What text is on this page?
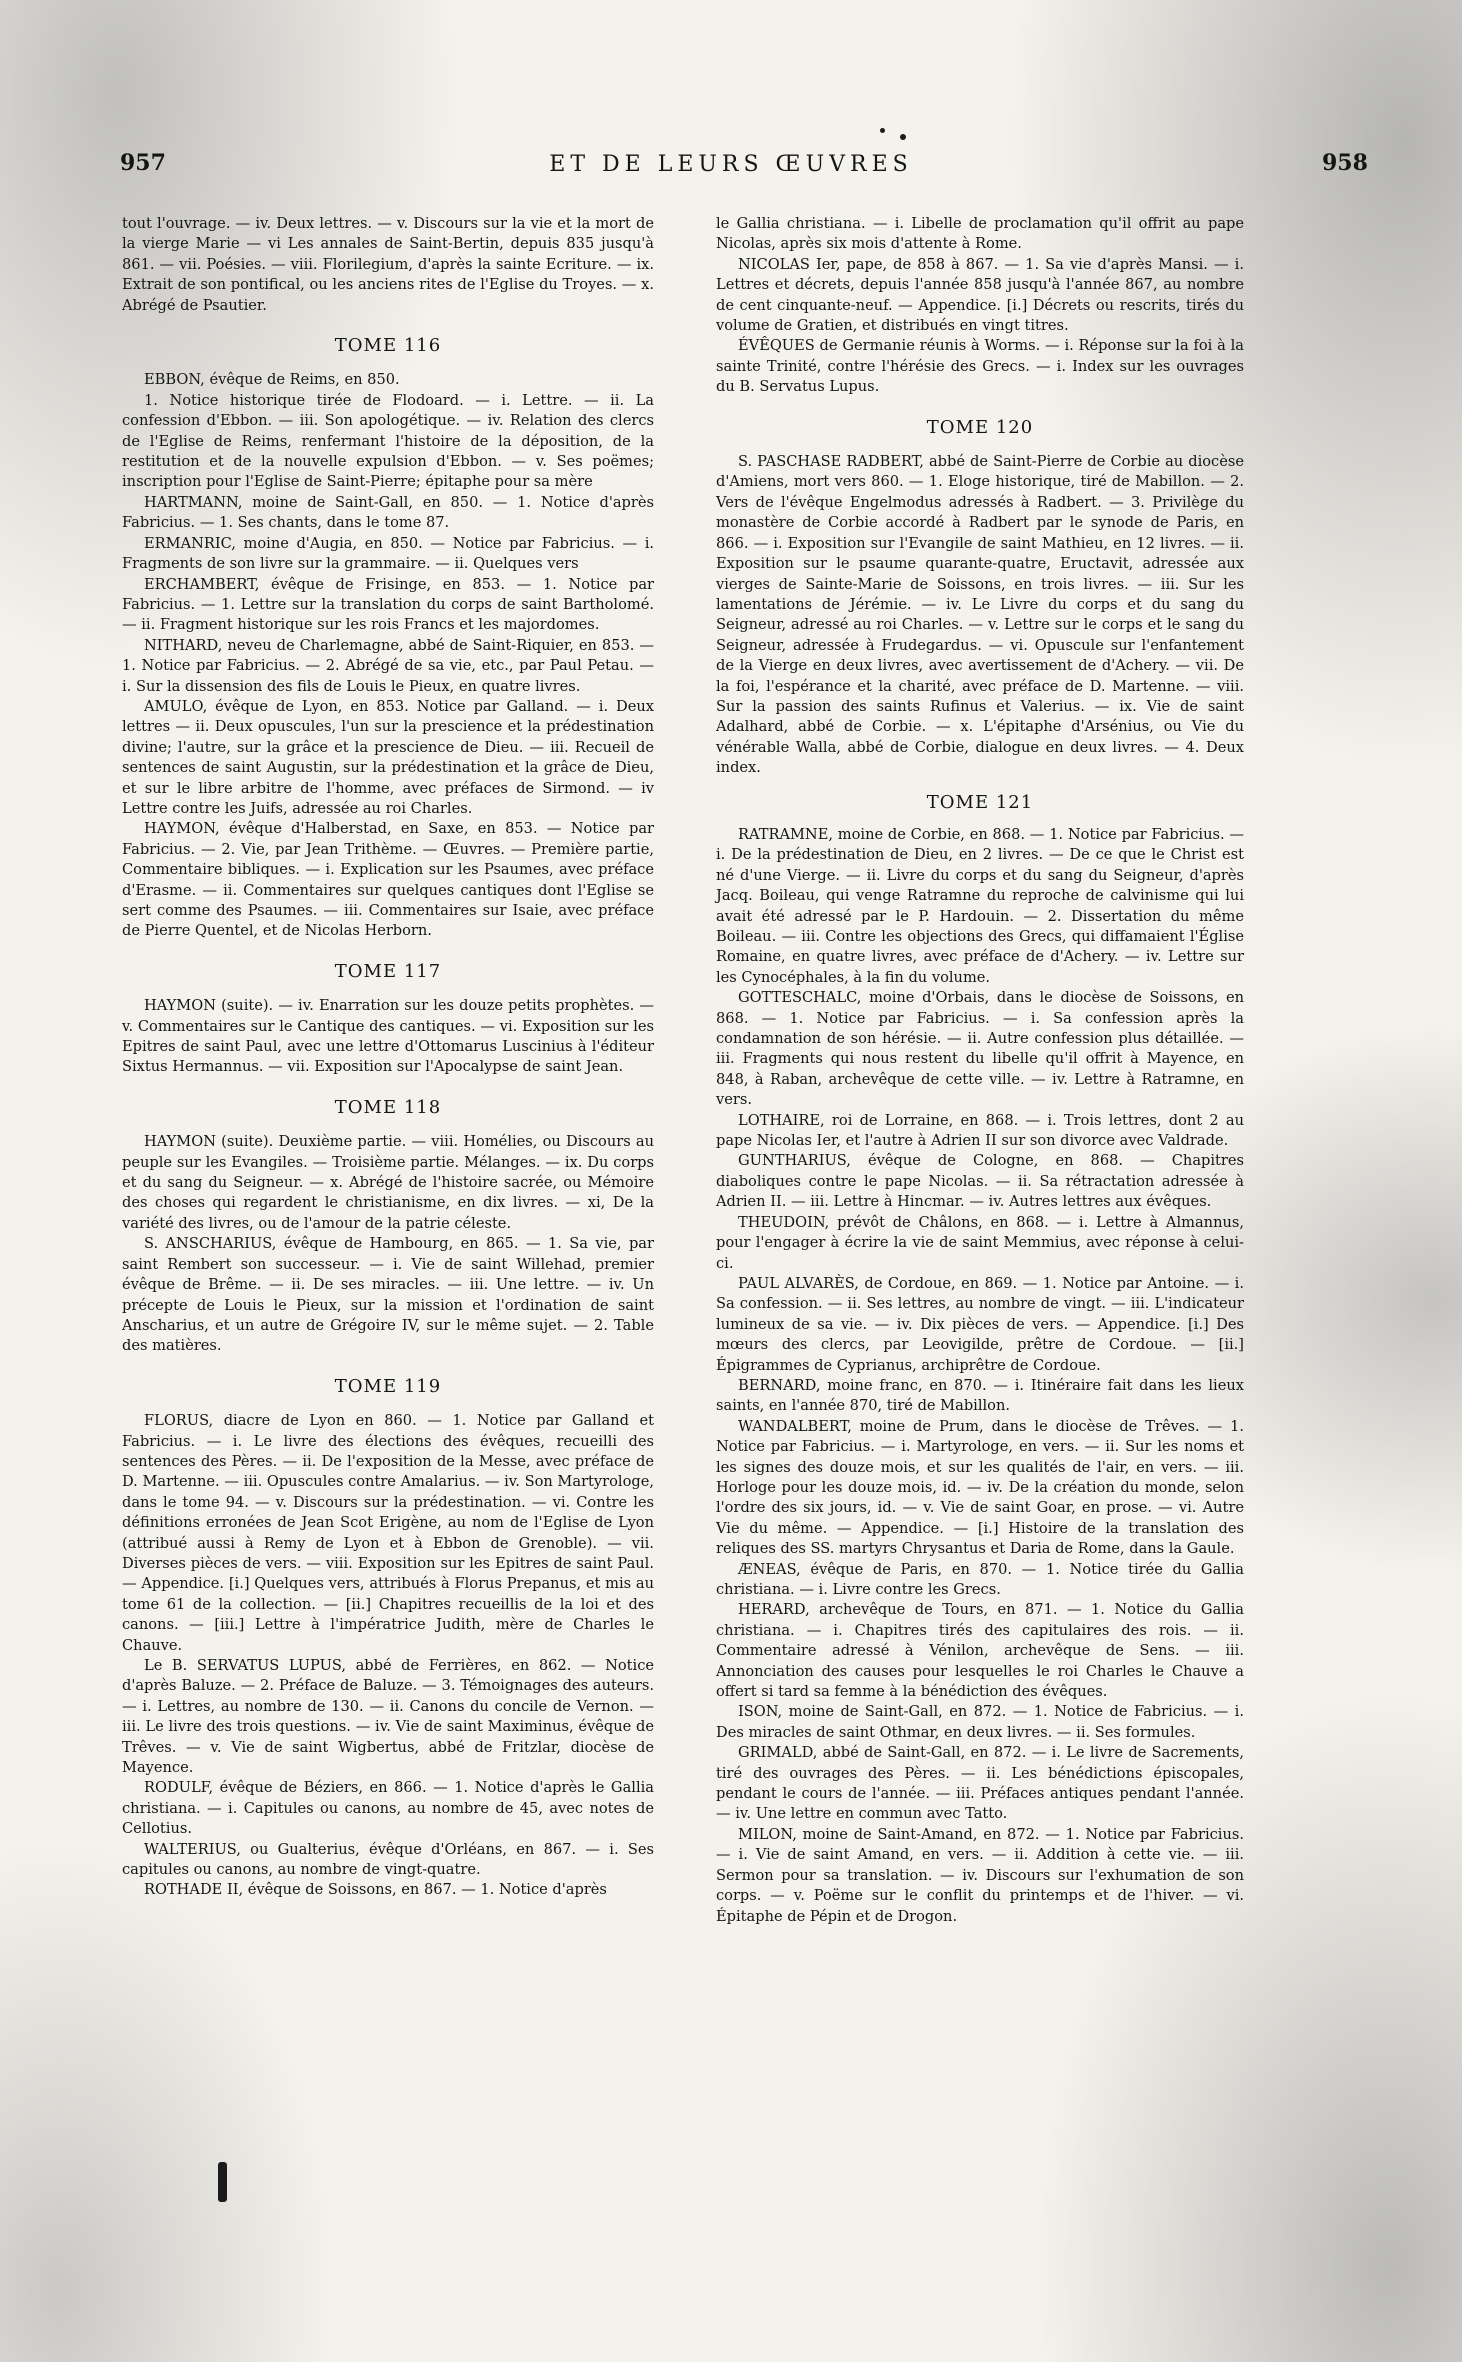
957	ET DE LEURS ŒUVRES	958

tout l'ouvrage. — iv. Deux lettres. — v. Discours sur la vie et la mort de la vierge Marie — vi Les annales de Saint-Bertin, depuis 835 jusqu'à 861. — vii. Poésies. — viii. Florilegium, d'après la sainte Ecriture. — ix. Extrait de son pontifical, ou les anciens rites de l'Eglise du Troyes. — x. Abrégé de Psautier.

TOME 116

EBBON, évêque de Reims, en 850.

1. Notice historique tirée de Flodoard. — i. Lettre. — ii. La confession d'Ebbon. — iii. Son apologétique. — iv. Relation des clercs de l'Eglise de Reims, renfermant l'histoire de la déposition, de la restitution et de la nouvelle expulsion d'Ebbon. — v. Ses poëmes; inscription pour l'Eglise de Saint-Pierre; épitaphe pour sa mère

HARTMANN, moine de Saint-Gall, en 850. — 1. Notice d'après Fabricius. — 1. Ses chants, dans le tome 87.

ERMANRIC, moine d'Augia, en 850. — Notice par Fabricius. — i. Fragments de son livre sur la grammaire. — ii. Quelques vers

ERCHAMBERT, évêque de Frisinge, en 853. — 1. Notice par Fabricius. — 1. Lettre sur la translation du corps de saint Bartholomé. — ii. Fragment historique sur les rois Francs et les majordomes.

NITHARD, neveu de Charlemagne, abbé de Saint-Riquier, en 853. — 1. Notice par Fabricius. — 2. Abrégé de sa vie, etc., par Paul Petau. — i. Sur la dissension des fils de Louis le Pieux, en quatre livres.

AMULO, évêque de Lyon, en 853. Notice par Galland. — i. Deux lettres — ii. Deux opuscules, l'un sur la prescience et la prédestination divine; l'autre, sur la grâce et la prescience de Dieu. — iii. Recueil de sentences de saint Augustin, sur la prédestination et la grâce de Dieu, et sur le libre arbitre de l'homme, avec préfaces de Sirmond. — iv Lettre contre les Juifs, adressée au roi Charles.

HAYMON, évêque d'Halberstad, en Saxe, en 853. — Notice par Fabricius. — 2. Vie, par Jean Trithème. — Œuvres. — Première partie, Commentaire bibliques. — i. Explication sur les Psaumes, avec préface d'Erasme. — ii. Commentaires sur quelques cantiques dont l'Eglise se sert comme des Psaumes. — iii. Commentaires sur Isaie, avec préface de Pierre Quentel, et de Nicolas Herborn.

TOME 117

HAYMON (suite). — iv. Enarration sur les douze petits prophètes. — v. Commentaires sur le Cantique des cantiques. — vi. Exposition sur les Epitres de saint Paul, avec une lettre d'Ottomarus Luscinius à l'éditeur Sixtus Hermannus. — vii. Exposition sur l'Apocalypse de saint Jean.

TOME 118

HAYMON (suite). Deuxième partie. — viii. Homélies, ou Discours au peuple sur les Evangiles. — Troisième partie. Mélanges. — ix. Du corps et du sang du Seigneur. — x. Abrégé de l'histoire sacrée, ou Mémoire des choses qui regardent le christianisme, en dix livres. — xi, De la variété des livres, ou de l'amour de la patrie céleste.

S. ANSCHARIUS, évêque de Hambourg, en 865. — 1. Sa vie, par saint Rembert son successeur. — i. Vie de saint Willehad, premier évêque de Brême. — ii. De ses miracles. — iii. Une lettre. — iv. Un précepte de Louis le Pieux, sur la mission et l'ordination de saint Anscharius, et un autre de Grégoire IV, sur le même sujet. — 2. Table des matières.

TOME 119

FLORUS, diacre de Lyon en 860. — 1. Notice par Galland et Fabricius. — i. Le livre des élections des évêques, recueilli des sentences des Pères. — ii. De l'exposition de la Messe, avec préface de D. Martenne. — iii. Opuscules contre Amalarius. — iv. Son Martyrologe, dans le tome 94. — v. Discours sur la prédestination. — vi. Contre les définitions erronées de Jean Scot Erigène, au nom de l'Eglise de Lyon (attribué aussi à Remy de Lyon et à Ebbon de Grenoble). — vii. Diverses pièces de vers. — viii. Exposition sur les Epitres de saint Paul. — Appendice. [i.] Quelques vers, attribués à Florus Prepanus, et mis au tome 61 de la collection. — [ii.] Chapitres recueillis de la loi et des canons. — [iii.] Lettre à l'impératrice Judith, mère de Charles le Chauve.

Le B. SERVATUS LUPUS, abbé de Ferrières, en 862. — Notice d'après Baluze. — 2. Préface de Baluze. — 3. Témoignages des auteurs. — i. Lettres, au nombre de 130. — ii. Canons du concile de Vernon. — iii. Le livre des trois questions. — iv. Vie de saint Maximinus, évêque de Trêves. — v. Vie de saint Wigbertus, abbé de Fritzlar, diocèse de Mayence.

RODULF, évêque de Béziers, en 866. — 1. Notice d'après le Gallia christiana. — i. Capitules ou canons, au nombre de 45, avec notes de Cellotius.

WALTERIUS, ou Gualterius, évêque d'Orléans, en 867. — i. Ses capitules ou canons, au nombre de vingt-quatre.

ROTHADE II, évêque de Soissons, en 867. — 1. Notice d'après

le Gallia christiana. — i. Libelle de proclamation qu'il offrit au pape Nicolas, après six mois d'attente à Rome.

NICOLAS Ier, pape, de 858 à 867. — 1. Sa vie d'après Mansi. — i. Lettres et décrets, depuis l'année 858 jusqu'à l'année 867, au nombre de cent cinquante-neuf. — Appendice. [i.] Décrets ou rescrits, tirés du volume de Gratien, et distribués en vingt titres.

ÉVÊQUES de Germanie réunis à Worms. — i. Réponse sur la foi à la sainte Trinité, contre l'hérésie des Grecs. — i. Index sur les ouvrages du B. Servatus Lupus.

TOME 120

S. PASCHASE RADBERT, abbé de Saint-Pierre de Corbie au diocèse d'Amiens, mort vers 860. — 1. Eloge historique, tiré de Mabillon. — 2. Vers de l'évêque Engelmodus adressés à Radbert. — 3. Privilège du monastère de Corbie accordé à Radbert par le synode de Paris, en 866. — i. Exposition sur l'Evangile de saint Mathieu, en 12 livres. — ii. Exposition sur le psaume quarante-quatre, Eructavit, adressée aux vierges de Sainte-Marie de Soissons, en trois livres. — iii. Sur les lamentations de Jérémie. — iv. Le Livre du corps et du sang du Seigneur, adressé au roi Charles. — v. Lettre sur le corps et le sang du Seigneur, adressée à Frudegardus. — vi. Opuscule sur l'enfantement de la Vierge en deux livres, avec avertissement de d'Achery. — vii. De la foi, l'espérance et la charité, avec préface de D. Martenne. — viii. Sur la passion des saints Rufinus et Valerius. — ix. Vie de saint Adalhard, abbé de Corbie. — x. L'épitaphe d'Arsénius, ou Vie du vénérable Walla, abbé de Corbie, dialogue en deux livres. — 4. Deux index.

TOME 121

RATRAMNE, moine de Corbie, en 868. — 1. Notice par Fabricius. — i. De la prédestination de Dieu, en 2 livres. — De ce que le Christ est né d'une Vierge. — ii. Livre du corps et du sang du Seigneur, d'après Jacq. Boileau, qui venge Ratramne du reproche de calvinisme qui lui avait été adressé par le P. Hardouin. — 2. Dissertation du même Boileau. — iii. Contre les objections des Grecs, qui diffamaient l'Église Romaine, en quatre livres, avec préface de d'Achery. — iv. Lettre sur les Cynocéphales, à la fin du volume.

GOTTESCHALC, moine d'Orbais, dans le diocèse de Soissons, en 868. — 1. Notice par Fabricius. — i. Sa confession après la condamnation de son hérésie. — ii. Autre confession plus détaillée. — iii. Fragments qui nous restent du libelle qu'il offrit à Mayence, en 848, à Raban, archevêque de cette ville. — iv. Lettre à Ratramne, en vers.

LOTHAIRE, roi de Lorraine, en 868. — i. Trois lettres, dont 2 au pape Nicolas Ier, et l'autre à Adrien II sur son divorce avec Valdrade.

GUNTHARIUS, évêque de Cologne, en 868. — Chapitres diaboliques contre le pape Nicolas. — ii. Sa rétractation adressée à Adrien II. — iii. Lettre à Hincmar. — iv. Autres lettres aux évêques.

THEUDOIN, prévôt de Châlons, en 868. — i. Lettre à Almannus, pour l'engager à écrire la vie de saint Memmius, avec réponse à celui-ci.

PAUL ALVARÈS, de Cordoue, en 869. — 1. Notice par Antoine. — i. Sa confession. — ii. Ses lettres, au nombre de vingt. — iii. L'indicateur lumineux de sa vie. — iv. Dix pièces de vers. — Appendice. [i.] Des mœurs des clercs, par Leovigilde, prêtre de Cordoue. — [ii.] Épigrammes de Cyprianus, archiprêtre de Cordoue.

BERNARD, moine franc, en 870. — i. Itinéraire fait dans les lieux saints, en l'année 870, tiré de Mabillon.

WANDALBERT, moine de Prum, dans le diocèse de Trêves. — 1. Notice par Fabricius. — i. Martyrologe, en vers. — ii. Sur les noms et les signes des douze mois, et sur les qualités de l'air, en vers. — iii. Horloge pour les douze mois, id. — iv. De la création du monde, selon l'ordre des six jours, id. — v. Vie de saint Goar, en prose. — vi. Autre Vie du même. — Appendice. — [i.] Histoire de la translation des reliques des SS. martyrs Chrysantus et Daria de Rome, dans la Gaule.

ÆNEAS, évêque de Paris, en 870. — 1. Notice tirée du Gallia christiana. — i. Livre contre les Grecs.

HERARD, archevêque de Tours, en 871. — 1. Notice du Gallia christiana. — i. Chapitres tirés des capitulaires des rois. — ii. Commentaire adressé à Vénilon, archevêque de Sens. — iii. Annonciation des causes pour lesquelles le roi Charles le Chauve a offert si tard sa femme à la bénédiction des évêques.

ISON, moine de Saint-Gall, en 872. — 1. Notice de Fabricius. — i. Des miracles de saint Othmar, en deux livres. — ii. Ses formules.

GRIMALD, abbé de Saint-Gall, en 872. — i. Le livre de Sacrements, tiré des ouvrages des Pères. — ii. Les bénédictions épiscopales, pendant le cours de l'année. — iii. Préfaces antiques pendant l'année. — iv. Une lettre en commun avec Tatto.

MILON, moine de Saint-Amand, en 872. — 1. Notice par Fabricius. — i. Vie de saint Amand, en vers. — ii. Addition à cette vie. — iii. Sermon pour sa translation. — iv. Discours sur l'exhumation de son corps. — v. Poëme sur le conflit du printemps et de l'hiver. — vi. Épitaphe de Pépin et de Drogon.
